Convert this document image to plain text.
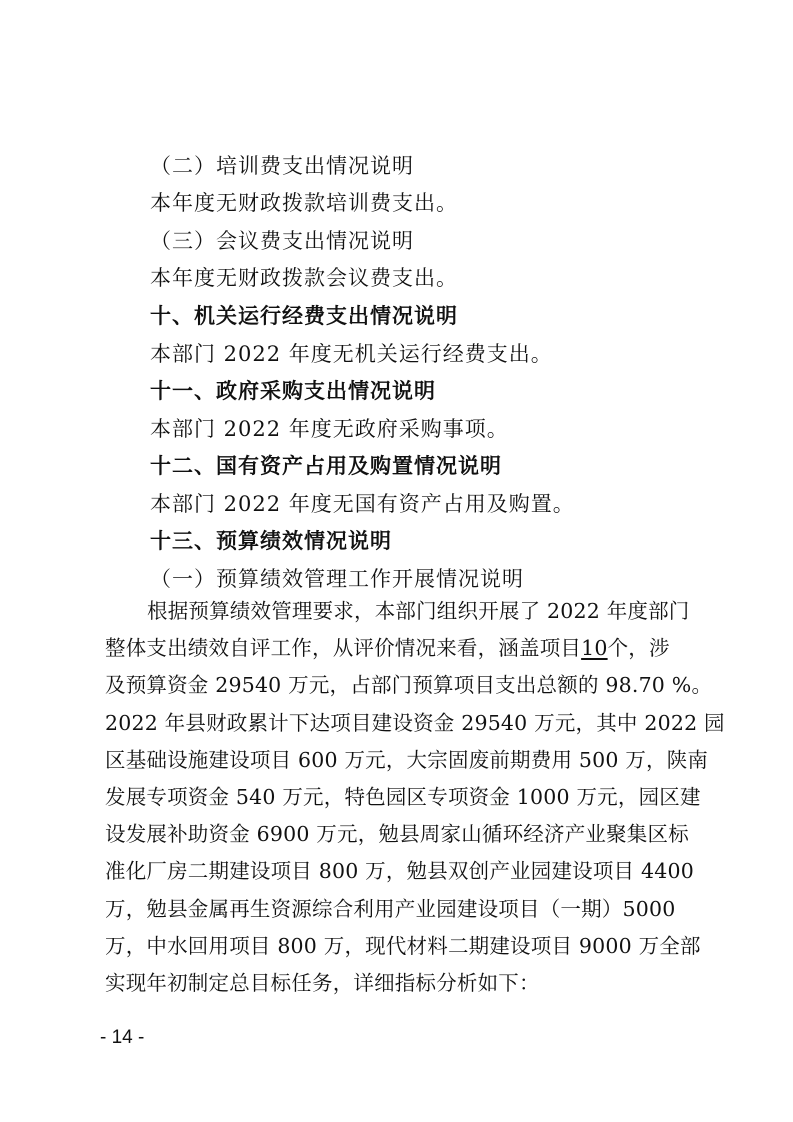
（二）培训费支出情况说明
本年度无财政拨款培训费支出。
（三）会议费支出情况说明
本年度无财政拨款会议费支出。
十、机关运行经费支出情况说明
本部门 2022 年度无机关运行经费支出。
十一、政府采购支出情况说明
本部门 2022 年度无政府采购事项。
十二、国有资产占用及购置情况说明
本部门 2022 年度无国有资产占用及购置。
十三、预算绩效情况说明
（一）预算绩效管理工作开展情况说明

根据预算绩效管理要求，本部门组织开展了 2022 年度部门

整体支出绩效自评工作，从评价情况来看，涵盖项目10个，涉

及预算资金 29540 万元，占部门预算项目支出总额的 98.70 %。

2022 年县财政累计下达项目建设资金 29540 万元，其中 2022 园

区基础设施建设项目 600 万元，大宗固废前期费用 500 万，陕南

发展专项资金 540 万元，特色园区专项资金 1000 万元，园区建

设发展补助资金 6900 万元，勉县周家山循环经济产业聚集区标

准化厂房二期建设项目 800 万，勉县双创产业园建设项目 4400

万，勉县金属再生资源综合利用产业园建设项目（一期）5000

万，中水回用项目 800 万，现代材料二期建设项目 9000 万全部

实现年初制定总目标任务，详细指标分析如下：

- 14 -
